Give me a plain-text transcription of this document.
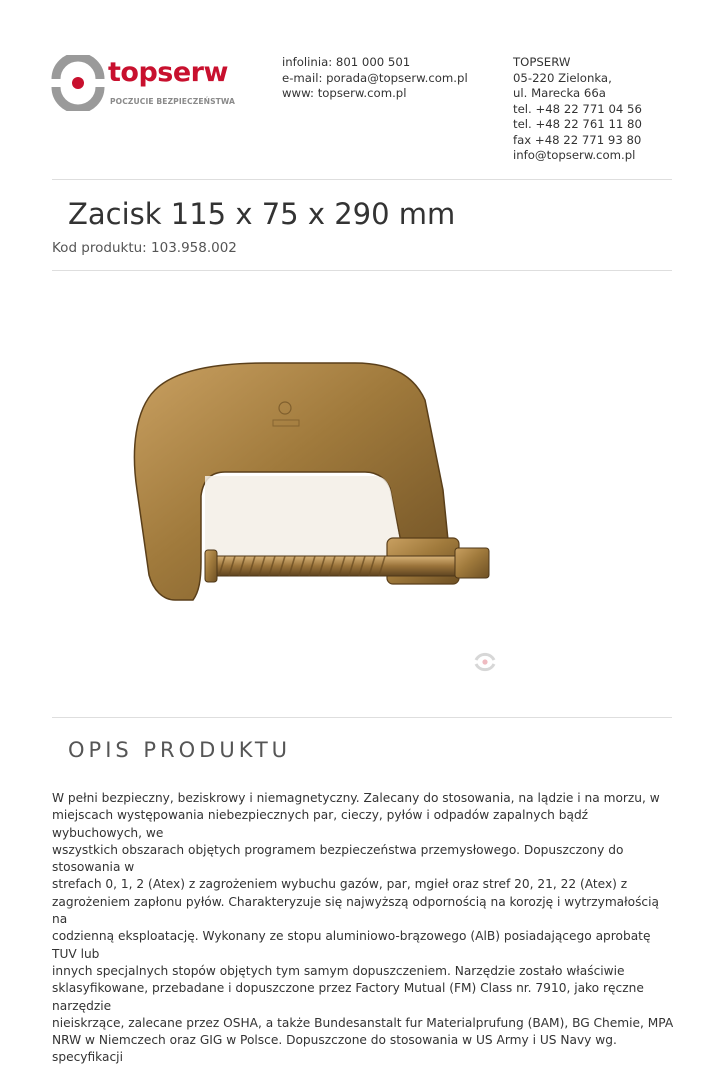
topserw
POCZUCIE BEZPIECZEŃSTWA
infolinia: 801 000 501
e-mail: porada@topserw.com.pl
www: topserw.com.pl
TOPSERW
05-220 Zielonka,
ul. Marecka 66a
tel. +48 22 771 04 56
tel. +48 22 761 11 80
fax +48 22 771 93 80
info@topserw.com.pl
Zacisk 115 x 75 x 290 mm
Kod produktu: 103.958.002
OPIS PRODUKTU
W pełni bezpieczny, beziskrowy i niemagnetyczny. Zalecany do stosowania, na lądzie i na morzu, w
miejscach występowania niebezpiecznych par, cieczy, pyłów i odpadów zapalnych bądź wybuchowych, we
wszystkich obszarach objętych programem bezpieczeństwa przemysłowego. Dopuszczony do stosowania w
strefach 0, 1, 2 (Atex) z zagrożeniem wybuchu gazów, par, mgieł oraz stref 20, 21, 22 (Atex) z
zagrożeniem zapłonu pyłów. Charakteryzuje się najwyższą odpornością na korozję i wytrzymałością na
codzienną eksploatację. Wykonany ze stopu aluminiowo-brązowego (AlB) posiadającego aprobatę TUV lub
innych specjalnych stopów objętych tym samym dopuszczeniem. Narzędzie zostało właściwie
sklasyfikowane, przebadane i dopuszczone przez Factory Mutual (FM) Class nr. 7910, jako ręczne narzędzie
nieiskrzące, zalecane przez OSHA, a także Bundesanstalt fur Materialprufung (BAM), BG Chemie, MPA
NRW w Niemczech oraz GIG w Polsce. Dopuszczone do stosowania w US Army i US Navy wg. specyfikacji
